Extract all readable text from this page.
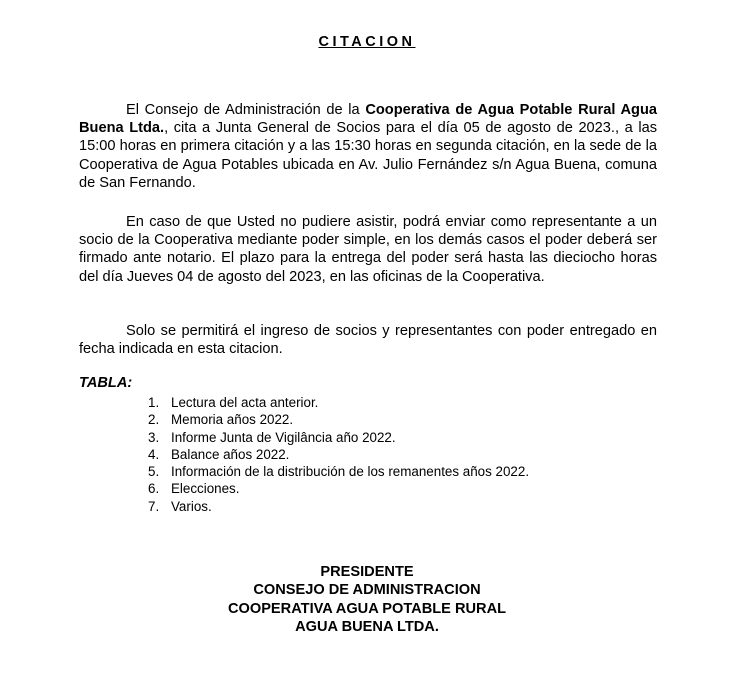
CITACION

El Consejo de Administración de la Cooperativa de Agua Potable Rural Agua Buena Ltda., cita a Junta General de Socios para el día 05 de agosto de 2023., a las 15:00 horas en primera citación y a las 15:30 horas en segunda citación, en la sede de la Cooperativa de Agua Potables ubicada en Av. Julio Fernández s/n Agua Buena, comuna de San Fernando.

En caso de que Usted no pudiere asistir, podrá enviar como representante a un socio de la Cooperativa mediante poder simple, en los demás casos el poder deberá ser firmado ante notario. El plazo para la entrega del poder será hasta las dieciocho horas del día Jueves 04 de agosto del 2023, en las oficinas de la Cooperativa.

Solo se permitirá el ingreso de socios y representantes con poder entregado en fecha indicada en esta citacion.

TABLA:
1. Lectura del acta anterior.
2. Memoria años 2022.
3. Informe Junta de Vigilância año 2022.
4. Balance años 2022.
5. Información de la distribución de los remanentes años 2022.
6. Elecciones.
7. Varios.
PRESIDENTE
CONSEJO DE ADMINISTRACION
COOPERATIVA AGUA POTABLE RURAL
AGUA BUENA LTDA.
